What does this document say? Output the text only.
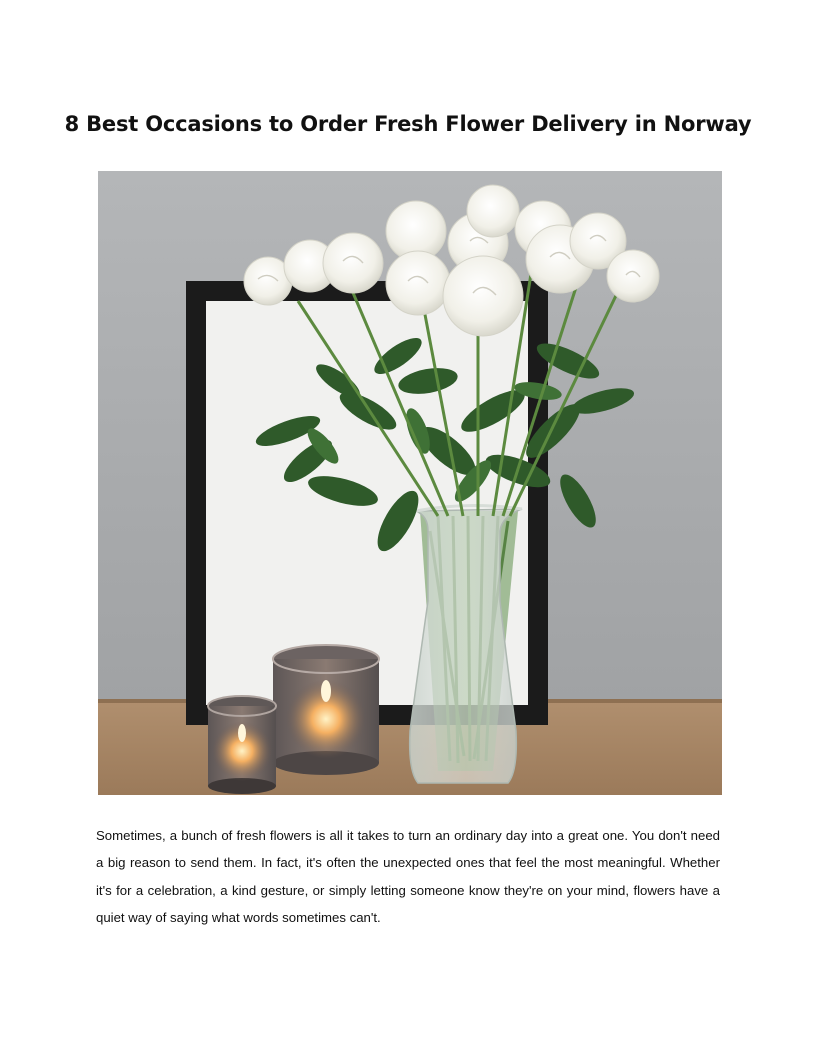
8 Best Occasions to Order Fresh Flower Delivery in Norway

Sometimes, a bunch of fresh flowers is all it takes to turn an ordinary day into a great one. You don't need a big reason to send them. In fact, it's often the unexpected ones that feel the most meaningful. Whether it's for a celebration, a kind gesture, or simply letting someone know they're on your mind, flowers have a quiet way of saying what words sometimes can't.
